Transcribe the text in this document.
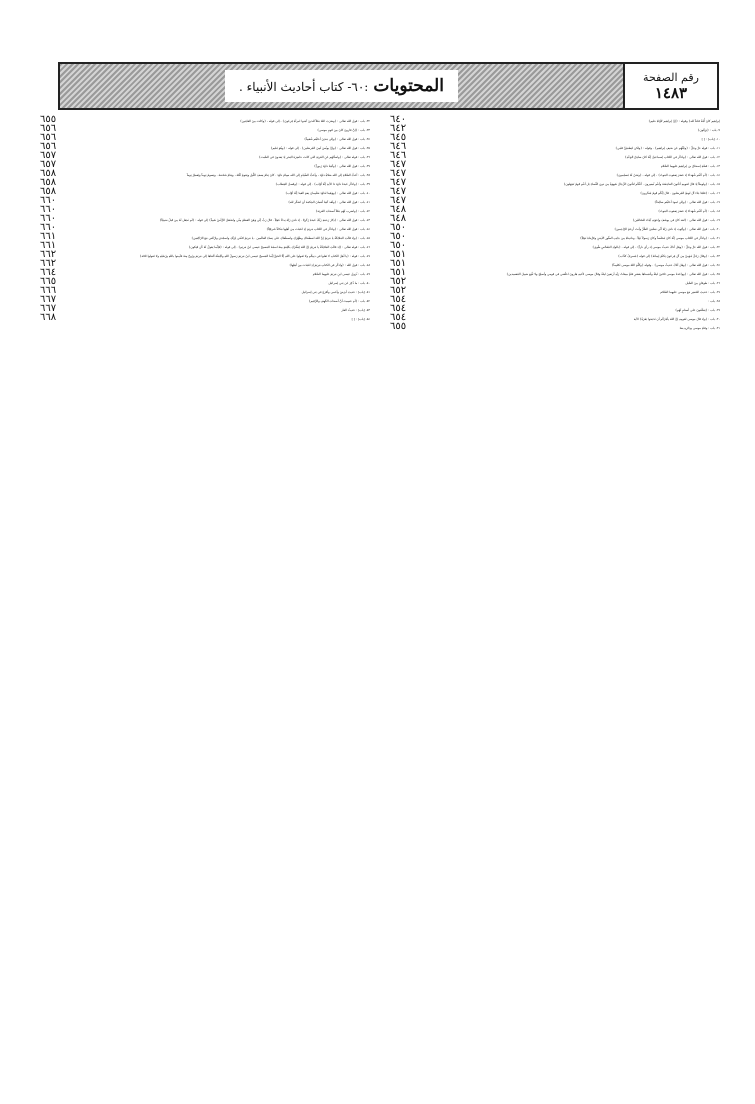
رقم الصفحة
١٤٨٣
المحتويات :٦٠- كتاب أحاديث الأنبياء .
إبراهيم كانَ أُمَّةً قانتاً لله﴾ وقوله : ﴿إنَّ إبراهيم لأوّاهٌ حليم﴾
٦٤٠
٩- باب : ﴿يَزِفّون﴾
٦٤٢
١٠- [باب] : [ ]
٦٤٥
١١- باب : قولِه عزَّ وجَلَّ : ﴿ونَبِّئْهُم عَن ضَيفِ إبراهيم﴾ . وقوله : ﴿ولكن ليَطمَئِنَّ قلبي﴾
٦٤٦
١٢- باب : قولِ الله تعالى : ﴿واذكُر في الكتابِ إسماعيلَ إنَّهُ كانَ صادِقَ الوَعْدِ﴾
٦٤٦
١٣- باب : قصَّةِ إسحاقَ بن إبراهيمَ عليهما السَّلام
٦٤٧
١٤- باب : ﴿أم كُنتُم شُهَداءَ إذ حَضَرَ يَعقوبَ المَوتُ﴾ - إلى قوله - ﴿ونَحنُ لَهُ مُسلِمون﴾
٦٤٧
١٥- باب : ﴿ولوطاً إذ قالَ لقومِهِ أتأتونَ الفاحِشَةَ وأنتُم تُبصِرون . أئنَّكُم لتأتونَ الرِّجالَ شَهوَةً مِن دونِ النِّساءِ بَل أنتُم قَومٌ تَجهَلون﴾
٦٤٧
١٦- باب : ﴿فلمّا جاءَ آلَ لوطٍ المُرسَلون . قالَ إنَّكُم قَومٌ مُنكَرون﴾
٦٤٧
١٧- باب : قولِ الله تعالى : ﴿وإلى ثَمودَ أخاهُم صالِحاً﴾
٦٤٧
١٨- باب : ﴿أم كُنتُم شُهَداءَ إذ حَضَرَ يَعقوبَ المَوتُ﴾
٦٤٨
١٩- باب : قولِ الله تعالى : ﴿لقد كانَ في يوسُفَ وإخوَتِهِ آياتٌ للسّائلين﴾
٦٤٨
٢٠- باب : قولِ الله تعالى : ﴿وأيّوبَ إذ نادى رَبَّهُ أنّي مَسَّنِيَ الضُّرُّ وأنتَ أرحَمُ الرّاحِمين﴾
٦٥٠
٢١- باب : ﴿واذكُر في الكتابِ موسى إنَّهُ كانَ مُخلَصاً وكانَ رَسولاً نَبِيّاً . وناديناهُ مِن جانِبِ الطّورِ الأيمَنِ وقَرَّبناهُ نَجِيّاً﴾
٦٥٠
٢٢- باب : قولِ الله عزَّ وجَلَّ : ﴿وهَل أتاكَ حَديثُ موسى إذ رأى ناراً﴾ - إلى قوله - ﴿بالوادِ المُقَدَّسِ طُوى﴾
٦٥٠
٢٣- باب : ﴿وقالَ رَجُلٌ مُؤمِنٌ مِن آلِ فِرعَونَ يَكتُمُ إيمانَهُ﴾ إلى قوله ﴿مُسرِفٌ كذّاب﴾
٦٥١
٢٤- باب : قولِ الله تعالى : ﴿وهَل أتاكَ حَديثُ موسى﴾ . وقوله ﴿وكَلَّمَ اللهُ موسى تَكليماً﴾
٦٥١
٢٥- باب : قولِ الله تعالى : ﴿وواعَدنا موسى ثلاثينَ ليلةً وأتمَمناها بعَشرٍ فتَمَّ ميقاتُ رَبِّهِ أربَعينَ ليلةً وقالَ موسى لأخيهِ هارونَ اخلُفني في قومي وأصلِح ولا تتَّبِع سَبيلَ المُفسِدين﴾
٦٥١
٢٦- باب : طوفانٍ مِنَ السَّيل
٦٥٢
٢٧- باب : حَديثِ الخَضِرِ مَعَ موسى عليهما السَّلام
٦٥٢
٢٨- باب :
٦٥٤
٢٩- باب : ﴿يَعكُفونَ على أصنامٍ لَهُم﴾
٦٥٤
٣٠- باب : ﴿وإذ قالَ موسى لقومِهِ إنَّ اللهَ يأمُرُكُم أن تَذبَحوا بَقَرَةً﴾ الآية
٦٥٤
٣١- باب : وفاةِ موسى وذِكرِهِ بعدُ
٦٥٥
٣٢- باب : قولِ الله تعالى : ﴿وضَرَبَ اللهُ مَثَلاً للذينَ آمَنوا امرأةَ فِرعَونَ﴾ - إلى قوله - ﴿وكانَت مِنَ القانِتين﴾
٦٥٥
٣٣- باب : ﴿إنَّ قارونَ كانَ مِن قَومِ موسى﴾
٦٥٦
٣٤- باب : قولِ الله تعالى : ﴿وإلى مَديَنَ أخاهُم شُعَيباً﴾
٦٥٦
٣٥- باب : قولِ الله تعالى : ﴿وإنَّ يونُسَ لَمِنَ المُرسَلين﴾ . إلى قوله : ﴿وهُوَ مُليم﴾
٦٥٦
٣٦- باب : قوله تعالى : ﴿واسألهُم عَنِ القَريَةِ التي كانَت حاضِرَةَ البَحرِ إذ يَعدونَ في السَّبت﴾
٦٥٧
٣٧- باب : قولِ الله تعالى : ﴿وآتَينا داوُدَ زَبوراً﴾
٦٥٧
٣٨- باب : أحَبُّ الصَّلاةِ إلى الله صَلاةُ داوُدَ ، وأحَبُّ الصِّيامِ إلى الله صِيامُ داوُدَ . كانَ يَنامُ نِصفَ اللَّيلِ ويَقومُ ثُلُثَهُ ، ويَنامُ سُدُسَهُ . ويَصومُ يَوماً ويُفطِرُ يَوماً
٦٥٨
٣٩- باب : ﴿واذكُر عَبدَنا داوُدَ ذا الأيدِ إنَّهُ أوّاب﴾ . إلى قوله : ﴿وفَصلَ الخِطاب﴾
٦٥٨
٤٠- باب : قولِ الله تعالى : ﴿ووَهَبنا لداوُدَ سُلَيمانَ نِعمَ العَبدُ إنَّهُ أوّاب﴾
٦٥٨
٤١- باب : قولِ الله تعالى : ﴿ولَقَد آتَينا لُقمانَ الحِكمَةَ أنِ اشكُر لله﴾
٦٦٠
٤٢- باب : ﴿واضرِب لَهُم مَثَلاً أصحابَ القَريَة﴾
٦٦٠
٤٣- باب : قولِ الله تعالى : ﴿ذِكرُ رَحمَةِ رَبِّكَ عَبدَهُ زَكَرِيّا . إذ نادى رَبَّهُ نِداءً خَفِيّاً . قالَ رَبِّ إنّي وَهَنَ العَظمُ مِنّي واشتَعَلَ الرَّأسُ شَيباً﴾ إلى قوله : ﴿لَم نَجعَل لَهُ مِن قَبلُ سَمِيّاً﴾
٦٦٠
٤٤- باب : قولِ الله تعالى : ﴿واذكُر في الكتابِ مَريَمَ إذِ انتَبَذَت مِن أهلِها مَكاناً شَرقِيّاً﴾
٦٦٠
٤٥- باب : ﴿وإذ قالَتِ المَلائِكَةُ يا مَريَمُ إنَّ اللهَ اصطَفاكِ وطَهَّرَكِ واصطَفاكِ على نِساءِ العالَمين . يا مَريَمُ اقنُتي لِرَبِّكِ واسجُدي وارْكَعي مَعَ الرّاكِعين﴾
٦٦١
٤٦- باب : قوله تعالى : ﴿إذ قالَتِ المَلائِكَةُ يا مَريَمُ إنَّ اللهَ يُبَشِّرُكِ بكَلِمَةٍ مِنهُ اسمُهُ المَسيحُ عيسى ابنُ مَريَم﴾ . إلى قوله : ﴿فإنَّما يَقولُ لَهُ كُن فَيَكون﴾
٦٦١
٤٧- باب : قوله : ﴿يا أهلَ الكتابِ لا تَغلوا في دينِكُم ولا تَقولوا على اللهِ إلّا الحَقَّ إنَّما المَسيحُ عيسى ابنُ مَريَمَ رَسولُ اللهِ وكَلِمَتُهُ ألقاها إلى مَريَمَ ورُوحٌ مِنهُ فآمِنوا باللهِ ورُسُلِهِ ولا تَقولوا ثَلاثَة﴾
٦٦٢
٤٨- باب : قولِ الله : ﴿واذكُر في الكتابِ مَريَمَ إذِ انتَبَذَت مِن أهلِها﴾
٦٦٢
٤٩- باب : نُزولِ عيسى ابنِ مَريَمَ عليهما السَّلام
٦٦٤
٥٠- باب : ما ذُكِرَ عَن بَني إسرائيل
٦٦٥
٥١- [باب] : حَديثِ أبرَصَ وأعمى وأقرَعَ في بَني إسرائيل
٦٦٦
٥٢- باب : ﴿أم حَسِبتَ أنَّ أصحابَ الكَهفِ والرَّقيم﴾
٦٦٧
٥٣- [باب] : حَديثُ الغار
٦٦٧
٥٤- [باب] : [ ]
٦٦٨
